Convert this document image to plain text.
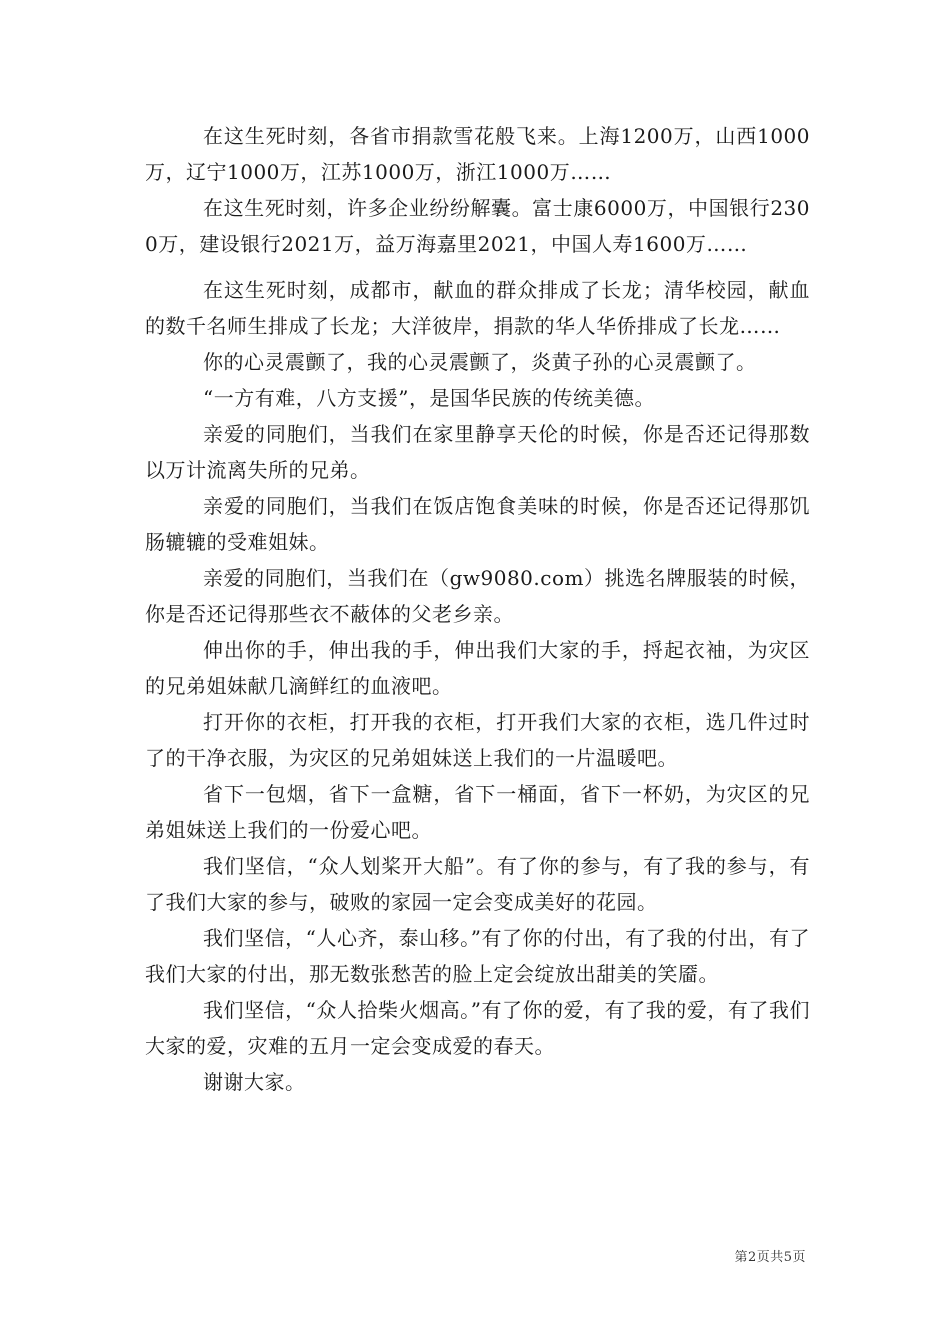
在这生死时刻，各省市捐款雪花般飞来。上海1200万，山西1000万，辽宁1000万，江苏1000万，浙江1000万……

在这生死时刻，许多企业纷纷解囊。富士康6000万，中国银行2300万，建设银行2021万，益万海嘉里2021，中国人寿1600万……

在这生死时刻，成都市，献血的群众排成了长龙；清华校园，献血的数千名师生排成了长龙；大洋彼岸，捐款的华人华侨排成了长龙……

你的心灵震颤了，我的心灵震颤了，炎黄子孙的心灵震颤了。

“一方有难，八方支援”，是国华民族的传统美德。

亲爱的同胞们，当我们在家里静享天伦的时候，你是否还记得那数以万计流离失所的兄弟。

亲爱的同胞们，当我们在饭店饱食美味的时候，你是否还记得那饥肠辘辘的受难姐妹。

亲爱的同胞们，当我们在（gw9080.com）挑选名牌服装的时候，你是否还记得那些衣不蔽体的父老乡亲。

伸出你的手，伸出我的手，伸出我们大家的手，捋起衣袖，为灾区的兄弟姐妹献几滴鲜红的血液吧。

打开你的衣柜，打开我的衣柜，打开我们大家的衣柜，选几件过时了的干净衣服，为灾区的兄弟姐妹送上我们的一片温暖吧。

省下一包烟，省下一盒糖，省下一桶面，省下一杯奶，为灾区的兄弟姐妹送上我们的一份爱心吧。

我们坚信，“众人划桨开大船”。有了你的参与，有了我的参与，有了我们大家的参与，破败的家园一定会变成美好的花园。

我们坚信，“人心齐，泰山移。”有了你的付出，有了我的付出，有了我们大家的付出，那无数张愁苦的脸上定会绽放出甜美的笑靥。

我们坚信，“众人拾柴火烟高。”有了你的爱，有了我的爱，有了我们大家的爱，灾难的五月一定会变成爱的春天。

谢谢大家。

第2页共5页
